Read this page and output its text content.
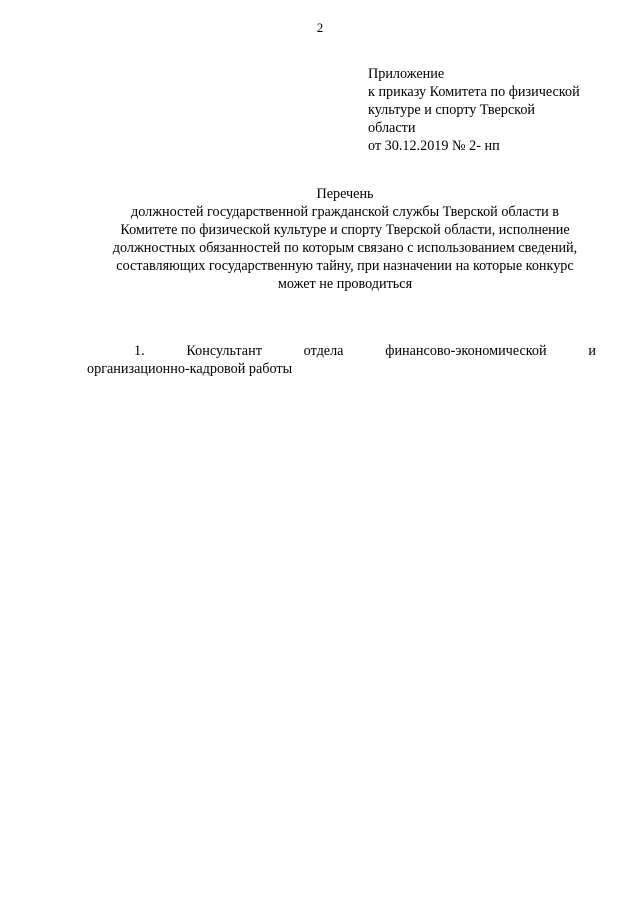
2
Приложение
к приказу Комитета по физической
культуре и спорту Тверской
области
от 30.12.2019 № 2- нп
Перечень
должностей государственной гражданской службы Тверской области в
Комитете по физической культуре и спорту Тверской области, исполнение
должностных обязанностей по которым связано с использованием сведений,
составляющих государственную тайну, при назначении на которые конкурс
может не проводиться
1.	Консультант	отдела	финансово-экономической	и
организационно-кадровой работы
